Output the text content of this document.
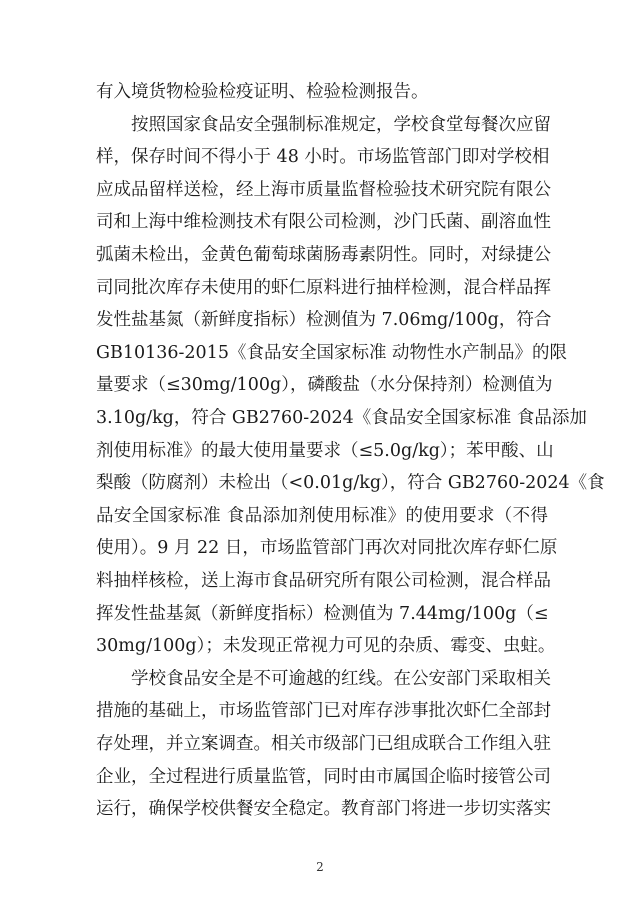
有入境货物检验检疫证明、检验检测报告。
按照国家食品安全强制标准规定，学校食堂每餐次应留
样，保存时间不得小于 48 小时。市场监管部门即对学校相
应成品留样送检，经上海市质量监督检验技术研究院有限公
司和上海中维检测技术有限公司检测，沙门氏菌、副溶血性
弧菌未检出，金黄色葡萄球菌肠毒素阴性。同时，对绿捷公
司同批次库存未使用的虾仁原料进行抽样检测，混合样品挥
发性盐基氮（新鲜度指标）检测值为 7.06mg/100g，符合
GB10136-2015《食品安全国家标准 动物性水产制品》的限
量要求（≤30mg/100g），磷酸盐（水分保持剂）检测值为
3.10g/kg，符合 GB2760-2024《食品安全国家标准 食品添加
剂使用标准》的最大使用量要求（≤5.0g/kg）；苯甲酸、山
梨酸（防腐剂）未检出（<0.01g/kg），符合 GB2760-2024《食
品安全国家标准 食品添加剂使用标准》的使用要求（不得
使用）。9 月 22 日，市场监管部门再次对同批次库存虾仁原
料抽样核检，送上海市食品研究所有限公司检测，混合样品
挥发性盐基氮（新鲜度指标）检测值为 7.44mg/100g（≤
30mg/100g）；未发现正常视力可见的杂质、霉变、虫蛀。
学校食品安全是不可逾越的红线。在公安部门采取相关
措施的基础上，市场监管部门已对库存涉事批次虾仁全部封
存处理，并立案调查。相关市级部门已组成联合工作组入驻
企业，全过程进行质量监管，同时由市属国企临时接管公司
运行，确保学校供餐安全稳定。教育部门将进一步切实落实
2
